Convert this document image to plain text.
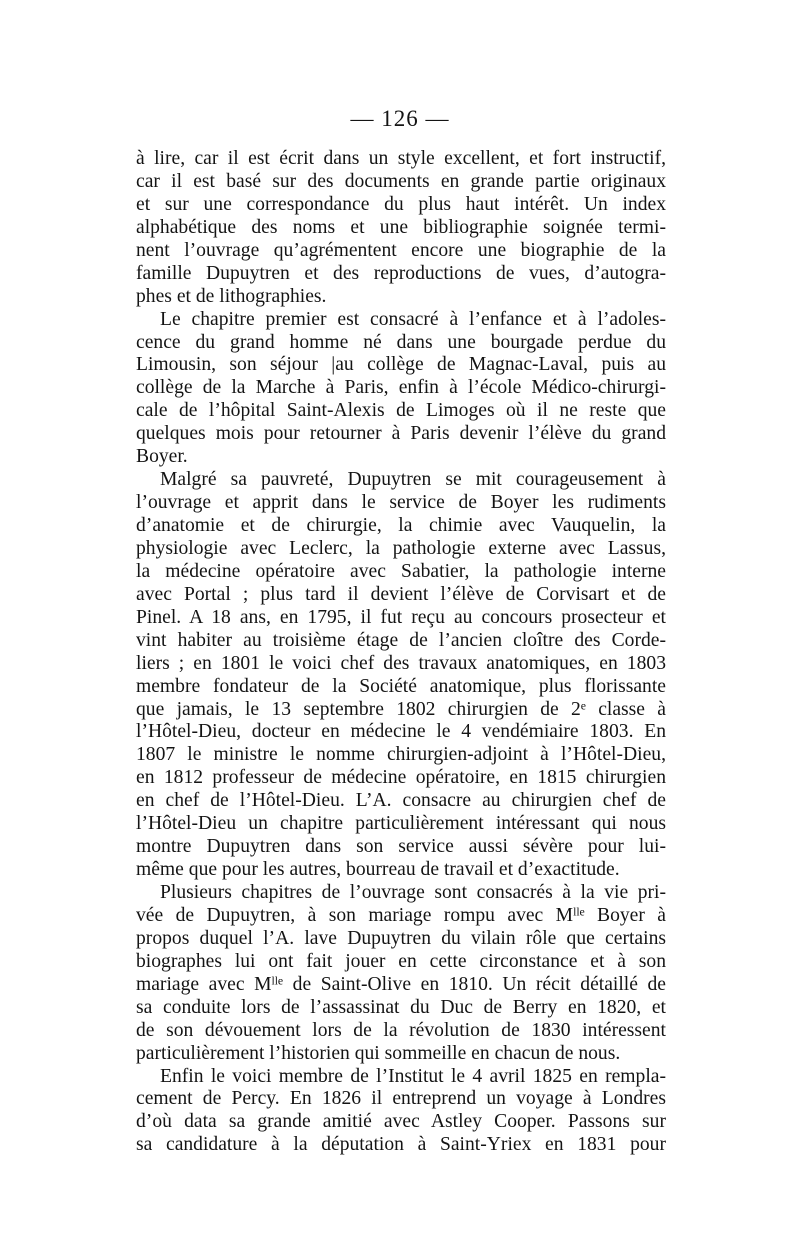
— 126 —
à lire, car il est écrit dans un style excellent, et fort instructif,
car il est basé sur des documents en grande partie originaux
et sur une correspondance du plus haut intérêt. Un index
alphabétique des noms et une bibliographie soignée termi-
nent l’ouvrage qu’agrémentent encore une biographie de la
famille Dupuytren et des reproductions de vues, d’autogra-
phes et de lithographies.
Le chapitre premier est consacré à l’enfance et à l’adoles-
cence du grand homme né dans une bourgade perdue du
Limousin, son séjour |au collège de Magnac-Laval, puis au
collège de la Marche à Paris, enfin à l’école Médico-chirurgi-
cale de l’hôpital Saint-Alexis de Limoges où il ne reste que
quelques mois pour retourner à Paris devenir l’élève du grand
Boyer.
Malgré sa pauvreté, Dupuytren se mit courageusement à
l’ouvrage et apprit dans le service de Boyer les rudiments
d’anatomie et de chirurgie, la chimie avec Vauquelin, la
physiologie avec Leclerc, la pathologie externe avec Lassus,
la médecine opératoire avec Sabatier, la pathologie interne
avec Portal ; plus tard il devient l’élève de Corvisart et de
Pinel. A 18 ans, en 1795, il fut reçu au concours prosecteur et
vint habiter au troisième étage de l’ancien cloître des Corde-
liers ; en 1801 le voici chef des travaux anatomiques, en 1803
membre fondateur de la Société anatomique, plus florissante
que jamais, le 13 septembre 1802 chirurgien de 2ᵉ classe à
l’Hôtel-Dieu, docteur en médecine le 4 vendémiaire 1803. En
1807 le ministre le nomme chirurgien-adjoint à l’Hôtel-Dieu,
en 1812 professeur de médecine opératoire, en 1815 chirurgien
en chef de l’Hôtel-Dieu. L’A. consacre au chirurgien chef de
l’Hôtel-Dieu un chapitre particulièrement intéressant qui nous
montre Dupuytren dans son service aussi sévère pour lui-
même que pour les autres, bourreau de travail et d’exactitude.
Plusieurs chapitres de l’ouvrage sont consacrés à la vie pri-
vée de Dupuytren, à son mariage rompu avec Mˡˡᵉ Boyer à
propos duquel l’A. lave Dupuytren du vilain rôle que certains
biographes lui ont fait jouer en cette circonstance et à son
mariage avec Mˡˡᵉ de Saint-Olive en 1810. Un récit détaillé de
sa conduite lors de l’assassinat du Duc de Berry en 1820, et
de son dévouement lors de la révolution de 1830 intéressent
particulièrement l’historien qui sommeille en chacun de nous.
Enfin le voici membre de l’Institut le 4 avril 1825 en rempla-
cement de Percy. En 1826 il entreprend un voyage à Londres
d’où data sa grande amitié avec Astley Cooper. Passons sur
sa candidature à la députation à Saint-Yriex en 1831 pour
